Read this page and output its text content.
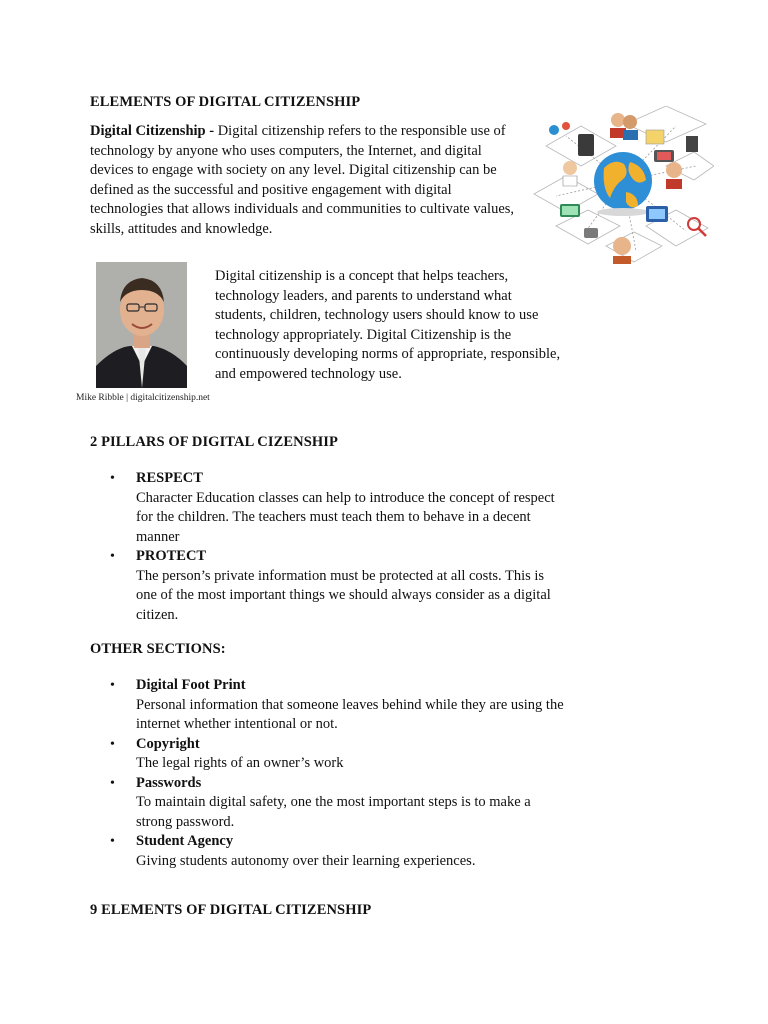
ELEMENTS OF DIGITAL CITIZENSHIP

Digital Citizenship - Digital citizenship refers to the responsible use of technology by anyone who uses computers, the Internet, and digital devices to engage with society on any level. Digital citizenship can be defined as the successful and positive engagement with digital technologies that allows individuals and communities to cultivate values, skills, attitudes and knowledge.

Digital citizenship is a concept that helps teachers, technology leaders, and parents to understand what students, children, technology users should know to use technology appropriately. Digital Citizenship is the continuously developing norms of appropriate, responsible, and empowered technology use.

Mike Ribble | digitalcitizenship.net

2 PILLARS OF DIGITAL CIZENSHIP
• RESPECT
Character Education classes can help to introduce the concept of respect for the children. The teachers must teach them to behave in a decent manner
• PROTECT
The person’s private information must be protected at all costs. This is one of the most important things we should always consider as a digital citizen.
OTHER SECTIONS:
• Digital Foot Print
Personal information that someone leaves behind while they are using the internet whether intentional or not.
• Copyright
The legal rights of an owner’s work
• Passwords
To maintain digital safety, one the most important steps is to make a strong password.
• Student Agency
Giving students autonomy over their learning experiences.
9 ELEMENTS OF DIGITAL CITIZENSHIP
